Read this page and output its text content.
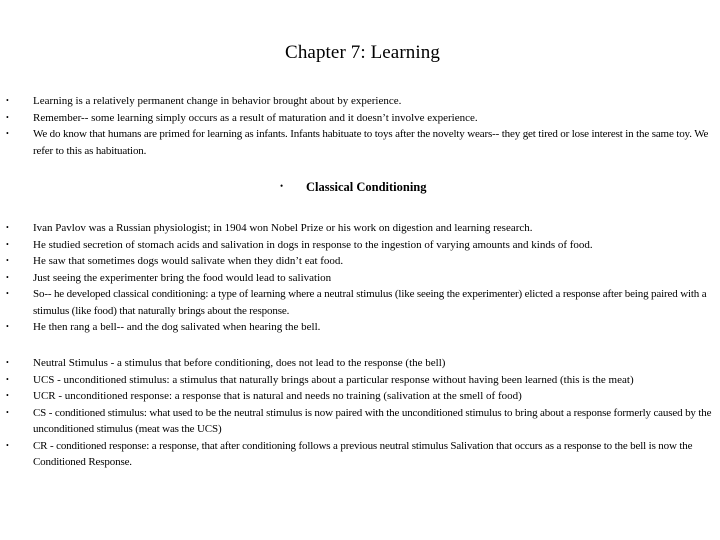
Chapter 7: Learning
• Learning is a relatively permanent change in behavior brought about by experience.
• Remember-- some learning simply occurs as a result of maturation and it doesn’t involve experience.
• We do know that humans are primed for learning as infants. Infants habituate to toys after the novelty wears-- they get tired or lose interest in the same toy. We refer to this as habituation.
• Classical Conditioning
• Ivan Pavlov was a Russian physiologist; in 1904 won Nobel Prize or his work on digestion and learning research.
• He studied secretion of stomach acids and salivation in dogs in response to the ingestion of varying amounts and kinds of food.
• He saw that sometimes dogs would salivate when they didn’t eat food.
• Just seeing the experimenter bring the food would lead to salivation
• So-- he developed classical conditioning: a type of learning where a neutral stimulus (like seeing the experimenter) elicted a response after being paired with a stimulus (like food) that naturally brings about the response.
• He then rang a bell-- and the dog salivated when hearing the bell.
• Neutral Stimulus - a stimulus that before conditioning, does not lead to the response (the bell)
• UCS - unconditioned stimulus: a stimulus that naturally brings about a particular response without having been learned (this is the meat)
• UCR - unconditioned response: a response that is natural and needs no training (salivation at the smell of food)
• CS - conditioned stimulus: what used to be the neutral stimulus is now paired with the unconditioned stimulus to bring about a response formerly caused by the unconditioned stimulus (meat was the UCS)
• CR - conditioned response: a response, that after conditioning follows a previous neutral stimulus Salivation that occurs as a response to the bell is now the Conditioned Response.
